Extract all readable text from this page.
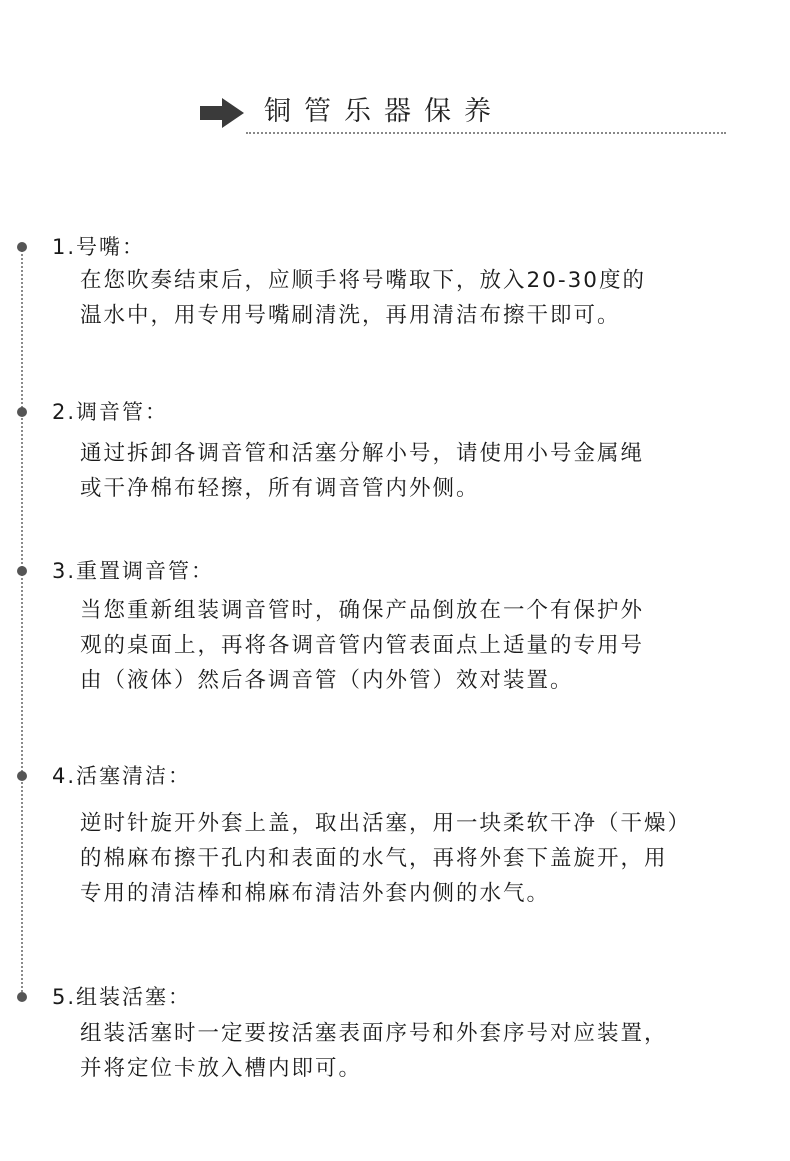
铜管乐器保养
1.号嘴：
在您吹奏结束后，应顺手将号嘴取下，放入20-30度的
温水中，用专用号嘴刷清洗，再用清洁布擦干即可。
2.调音管：
通过拆卸各调音管和活塞分解小号，请使用小号金属绳
或干净棉布轻擦，所有调音管内外侧。
3.重置调音管：
当您重新组装调音管时，确保产品倒放在一个有保护外
观的桌面上，再将各调音管内管表面点上适量的专用号
由（液体）然后各调音管（内外管）效对装置。
4.活塞清洁：
逆时针旋开外套上盖，取出活塞，用一块柔软干净（干燥）
的棉麻布擦干孔内和表面的水气，再将外套下盖旋开，用
专用的清洁棒和棉麻布清洁外套内侧的水气。
5.组装活塞：
组装活塞时一定要按活塞表面序号和外套序号对应装置，
并将定位卡放入槽内即可。
